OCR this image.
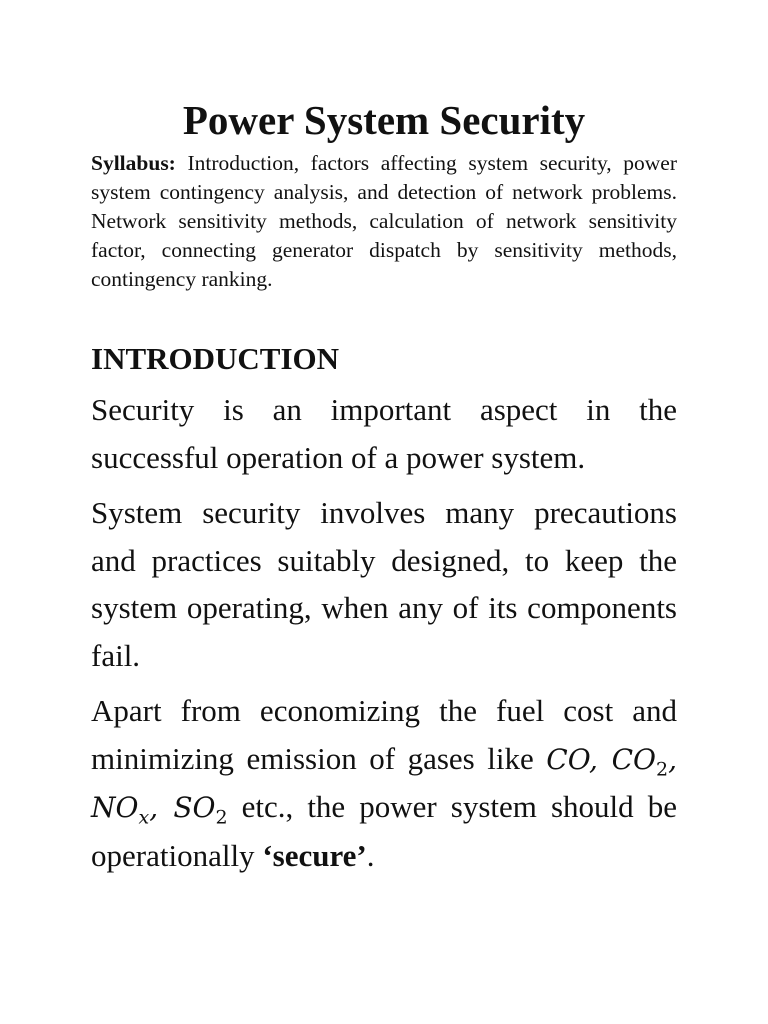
Power System Security

Syllabus: Introduction, factors affecting system security, power system contingency analysis, and detection of network problems. Network sensitivity methods, calculation of network sensitivity factor, connecting generator dispatch by sensitivity methods, contingency ranking.

INTRODUCTION

Security is an important aspect in the successful operation of a power system.

System security involves many precautions and practices suitably designed, to keep the system operating, when any of its components fail.

Apart from economizing the fuel cost and minimizing emission of gases like CO, $CO_2$, $NO_x$, $SO_2$ etc., the power system should be operationally ‘secure’.
